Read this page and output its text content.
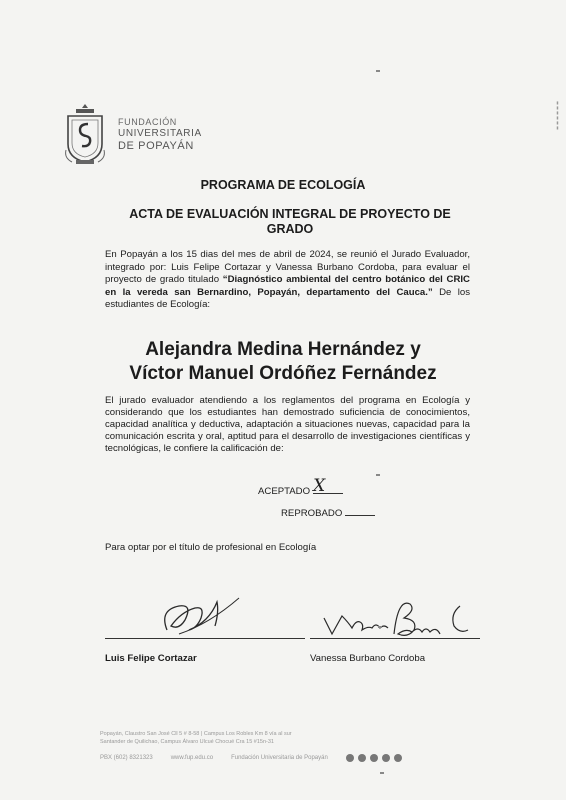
FUNDACIÓN
UNIVERSITARIA
DE POPAYÁN
PROGRAMA DE ECOLOGÍA
ACTA DE EVALUACIÓN INTEGRAL DE PROYECTO DE GRADO
En Popayán a los 15 dias del mes de abril de 2024, se reunió el Jurado Evaluador, integrado por: Luis Felipe Cortazar y Vanessa Burbano Cordoba, para evaluar el proyecto de grado titulado “Diagnóstico ambiental del centro botánico del CRIC en la vereda san Bernardino, Popayán, departamento del Cauca.” De los estudiantes de Ecología:
Alejandra Medina Hernández y
Víctor Manuel Ordóñez Fernández
El jurado evaluador atendiendo a los reglamentos del programa en Ecología y considerando que los estudiantes han demostrado suficiencia de conocimientos, capacidad analítica y deductiva, adaptación a situaciones nuevas, capacidad para la comunicación escrita y oral, aptitud para el desarrollo de investigaciones científicas y tecnológicas, le confiere la calificación de:
ACEPTADO X
REPROBADO
Para optar por el título de profesional en Ecología
Luis Felipe Cortazar	Vanessa Burbano Cordoba
Popayán, Claustro San José Cll 5 # 8-58 | Campus Los Robles Km 8 vía al sur
Santander de Quilichao, Campus Álvaro Ulcué Chocué Cra 15 #15n-31
PBX (602) 8321323	www.fup.edu.co	Fundación Universitaria de Popayán
▮▮▮▮▮▮
